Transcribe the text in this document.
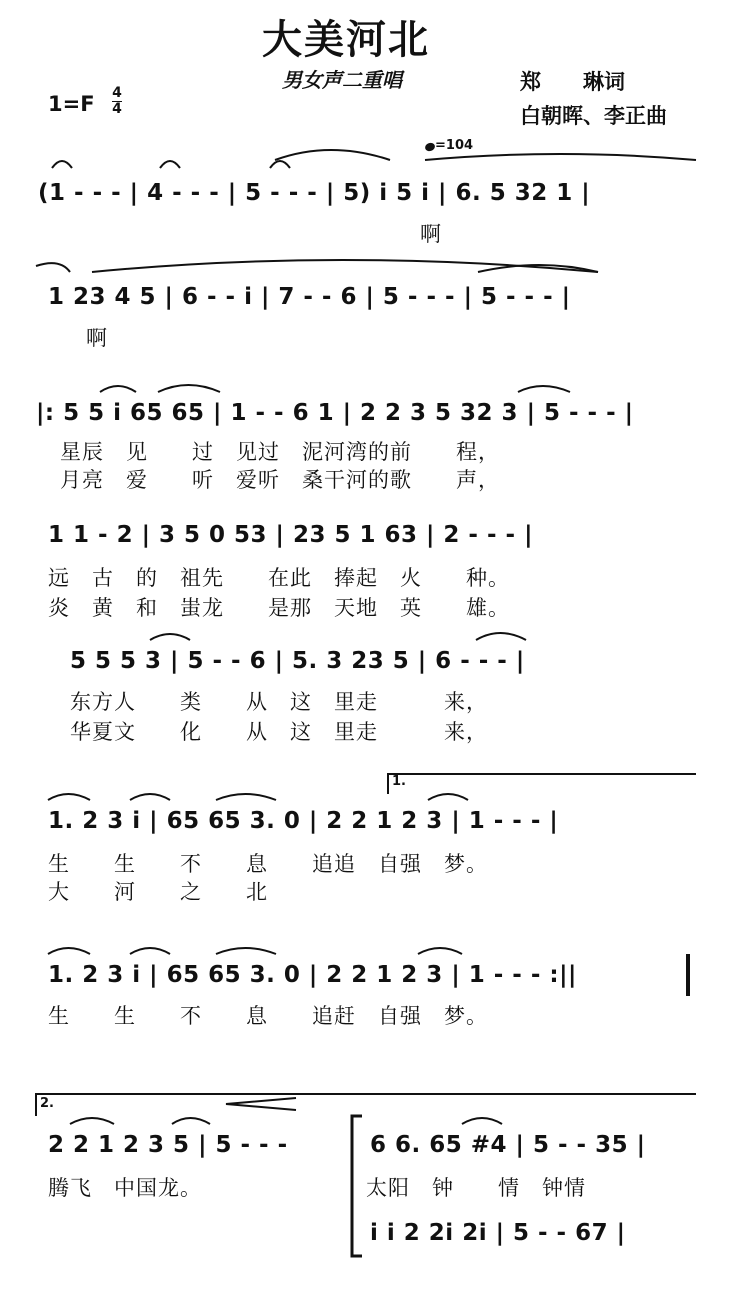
大美河北
男女声二重唱	郑　　琳词
白朝晖、李正曲
1=F 4
4
=104
(1 - - - | 4 - - - | 5 - - - | 5) i 5 i | 6. 5 32 1 |
啊
1 23 4 5 | 6 - - i | 7 - - 6 | 5 - - - | 5 - - - |
啊
|: 5 5 i 65 65 | 1 - - 6 1 | 2 2 3 5 32 3 | 5 - - - |
星辰　见　　过　见过　泥河湾的前　　程，
月亮　爱　　听　爱听　桑干河的歌　　声，
1 1 - 2 | 3 5 0 53 | 23 5 1 63 | 2 - - - |
远　古　的　祖先　　在此　捧起　火　　种。
炎　黄　和　蚩龙　　是那　天地　英　　雄。
5 5 5 3 | 5 - - 6 | 5. 3 23 5 | 6 - - - |
东方人　　类　　从　这　里走　　　来，
华夏文　　化　　从　这　里走　　　来，
1.
1. 2 3 i | 65 65 3. 0 | 2 2 1 2 3 | 1 - - - |
生　　生　　不　　息　　追追　自强　梦。
大　　河　　之　　北
1. 2 3 i | 65 65 3. 0 | 2 2 1 2 3 | 1 - - - :||
生　　生　　不　　息　　追赶　自强　梦。
2.
2 2 1 2 3 5 | 5 - - -
腾飞　中国龙。
6 6. 65 #4 | 5 - - 35 |
太阳　钟　　情　钟情
i i 2 2i 2i | 5 - - 67 |
